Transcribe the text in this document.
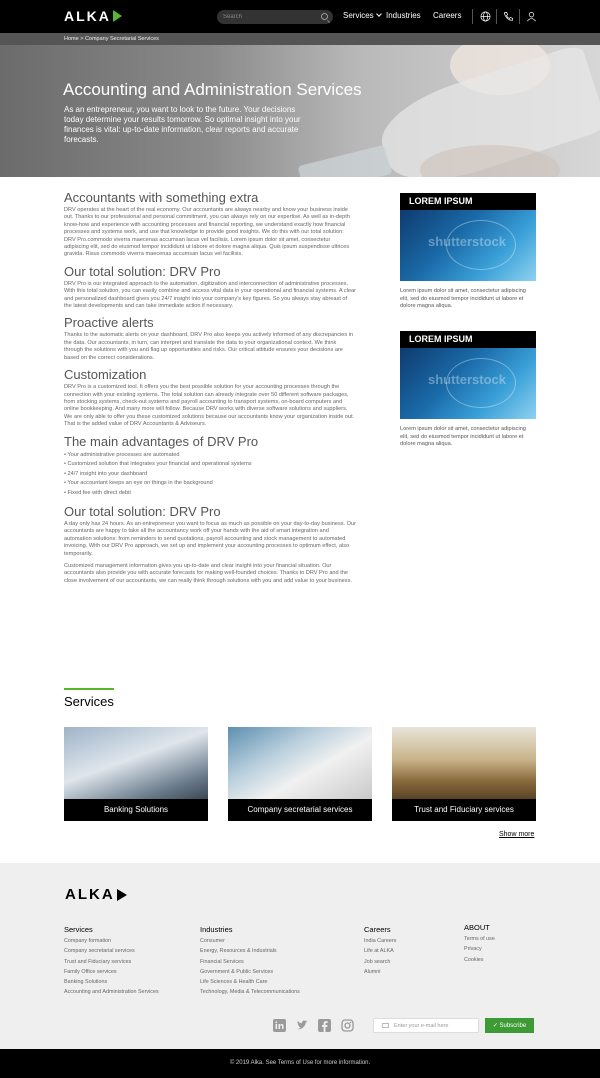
ALKA
Search	Services	Industries Careers
Home > Company Secretarial Services
Accounting and Administration Services
As an entrepreneur, you want to look to the future. Your decisions today determine your results tomorrow. So optimal insight into your finances is vital: up-to-date information, clear reports and accurate forecasts.
Accountants with something extra
DRV operates at the heart of the real economy. Our accountants are always nearby and know your business inside out. Thanks to our professional and personal commitment, you can always rely on our expertise. As well as in-depth know-how and experience with accounting processes and financial reporting, we understand exactly how financial processes and systems work, and use that knowledge to provide good insights. We do this with our total solution: DRV Pro.commodo viverra maecenas accumsan lacus vel facilisis. Lorem ipsum dolor sit amet, consectetur adipiscing elit, sed do eiusmod tempor incididunt ut labore et dolore magna aliqua. Quis ipsum suspendisse ultrices gravida. Risus commodo viverra maecenas accumsan lacus vel facilisis.
Our total solution: DRV Pro
DRV Pro is our integrated approach to the automation, digitization and interconnection of administrative processes. With this total solution, you can easily combine and access vital data in your operational and financial systems. A clear and personalized dashboard gives you 24/7 insight into your company's key figures. So you always stay abreast of the latest developments and can take immediate action if necessary.
Proactive alerts
Thanks to the automatic alerts on your dashboard, DRV Pro also keeps you actively informed of any discrepancies in the data. Our accountants, in turn, can interpret and translate the data to your organizational context. We think through the solutions with you and flag up opportunities and risks. Our critical attitude ensures your decisions are based on the correct considerations.
Customization
DRV Pro is a customized tool. It offers you the best possible solution for your accounting processes through the connection with your existing systems. The total solution can already integrate over 50 different software packages, from stocking systems, check-out systems and payroll accounting to transport systems, on-board computers and online bookkeeping. And many more will follow. Because DRV works with diverse software solutions and suppliers. We are only able to offer you these customized solutions because our accountants know your organization inside out. That is the added value of DRV Accountants & Adviseurs.
The main advantages of DRV Pro
• Your administrative processes are automated
• Customized solution that integrates your financial and operational systems
• 24/7 insight into your dashboard
• Your accountant keeps an eye on things in the background
• Fixed fee with direct debit
Our total solution: DRV Pro
A day only has 24 hours. As an entrepreneur you want to focus as much as possible on your day-to-day business. Our accountants are happy to take all the accountancy work off your hands with the aid of smart integration and automation solutions: from reminders to send quotations, payroll accounting and stock management to automated invoicing. With our DRV Pro approach, we set up and implement your accounting processes to optimum effect, also temporarily.
Customized management information gives you up-to-date and clear insight into your financial situation. Our accountants also provide you with accurate forecasts for making well-founded choices. Thanks to DRV Pro and the close involvement of our accountants, we can really think through solutions with you and add value to your business.
LOREM IPSUM
shutterstock
Lorem ipsum dolor sit amet, consectetur adipiscing elit, sed do eiusmod tempor incididunt ut labore et dolore magna aliqua.
LOREM IPSUM
shutterstock
Lorem ipsum dolor sit amet, consectetur adipiscing elit, sed do eiusmod tempor incididunt ut labore et dolore magna aliqua.
Services
Banking Solutions	Company secretarial services	Trust and Fiduciary services
Show more
ALKA
Services
Company formation
Company secretarial services
Trust and Fiduciary services
Family Office services
Banking Solutions
Accounting and Administration Services
Industries
Consumer
Energy, Resources & Industrials
Financial Services
Government & Public Services
Life Sciences & Health Care
Technology, Media & Telecommunications
Careers
India Careers
Life at ALKA
Job search
Alumni
ABOUT
Terms of use
Privacy
Cookies
Enter your e-mail here
✓ Subscribe
© 2019 Alka. See Terms of Use for more information.
